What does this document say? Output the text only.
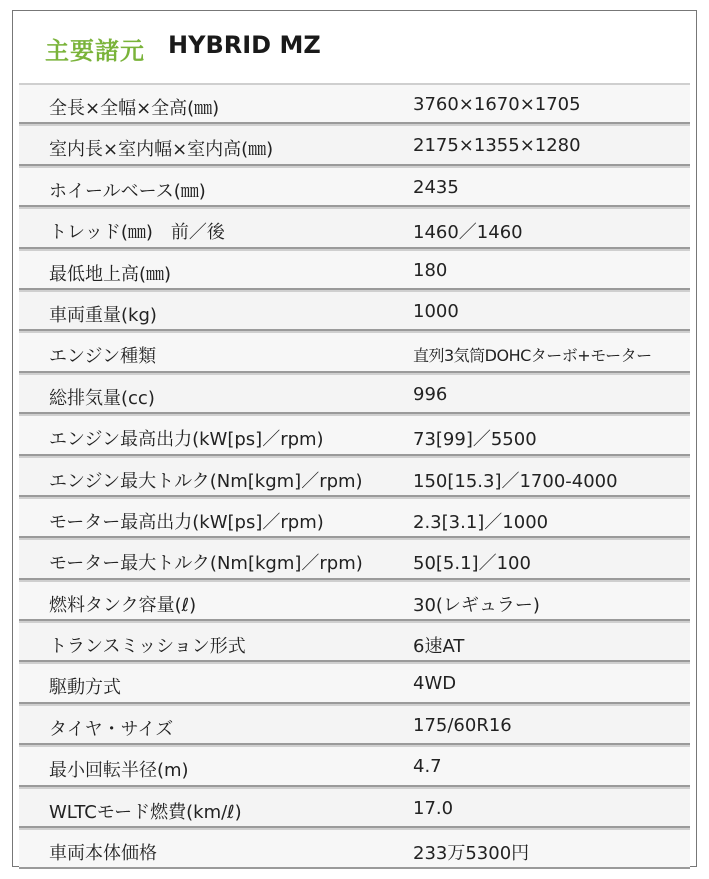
主要諸元 HYBRID MZ
全長×全幅×全高(㎜)	3760×1670×1705
室内長×室内幅×室内高(㎜)	2175×1355×1280
ホイールベース(㎜)	2435
トレッド(㎜)　前／後	1460／1460
最低地上高(㎜)	180
車両重量(kg)	1000
エンジン種類	直列3気筒DOHCターボ+モーター
総排気量(cc)	996
エンジン最高出力(kW[ps]／rpm)	73[99]／5500
エンジン最大トルク(Nm[kgm]／rpm)	150[15.3]／1700-4000
モーター最高出力(kW[ps]／rpm)	2.3[3.1]／1000
モーター最大トルク(Nm[kgm]／rpm)	50[5.1]／100
燃料タンク容量(ℓ)	30(レギュラー)
トランスミッション形式	6速AT
駆動方式	4WD
タイヤ・サイズ	175/60R16
最小回転半径(m)	4.7
WLTCモード燃費(km/ℓ)	17.0
車両本体価格	233万5300円
